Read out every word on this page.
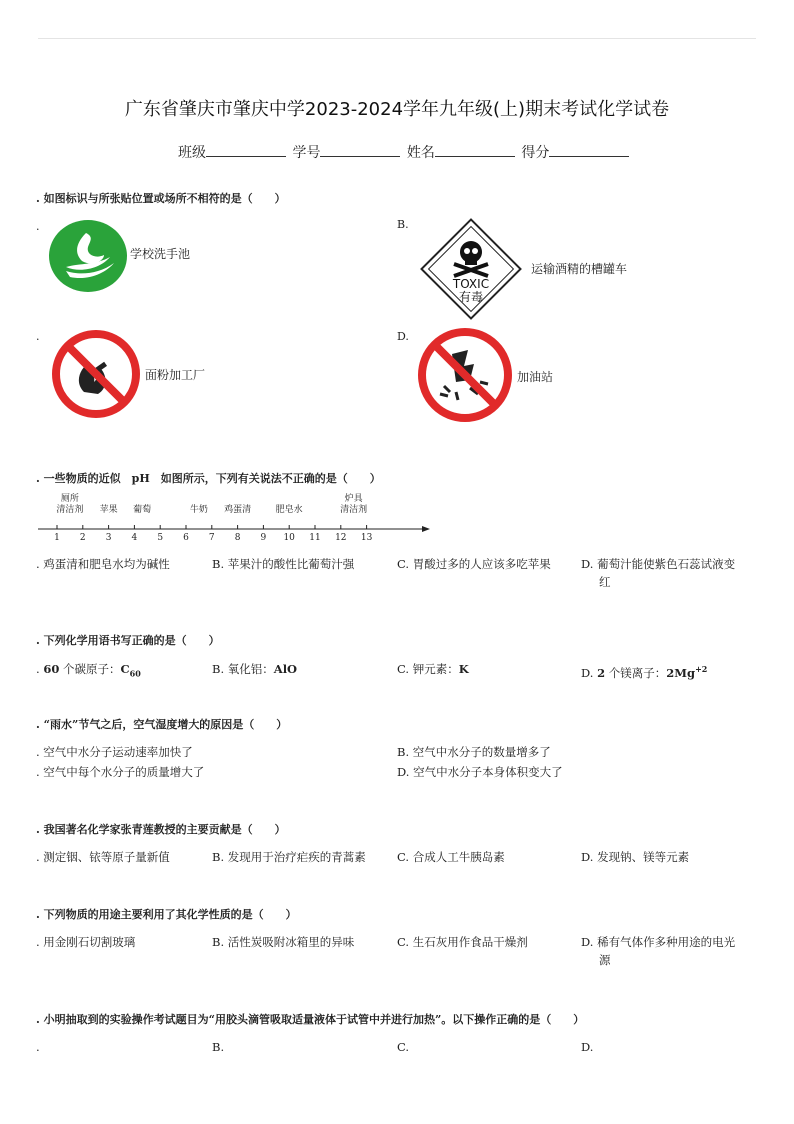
广东省肇庆市肇庆中学2023-2024学年九年级(上)期末考试化学试卷
班级	学号	姓名	得分
. 如图标识与所张贴位置或场所不相符的是（　　）
.
学校洗手池
B.
TOXIC
有毒
运输酒精的槽罐车
.
面粉加工厂
D.
加油站
. 一些物质的近似　pH　如图所示，下列有关说法不正确的是（　　）
1 2 3 4 5 6 7 8 9 10 11 12 13
厕所
清洁剂 苹果 葡萄	牛奶 鸡蛋清	肥皂水
炉具
清洁剂
. 鸡蛋清和肥皂水均为碱性	B. 苹果汁的酸性比葡萄汁强	C. 胃酸过多的人应该多吃苹果	D. 葡萄汁能使紫色石蕊试液变
红
. 下列化学用语书写正确的是（　　）
. 60 个碳原子：$C_{60}$	B. 氧化铝：AlO	C. 钾元素：K	D. 2 个镁离子：$2Mg^{+2}$
. “雨水”节气之后，空气湿度增大的原因是（　　）
. 空气中水分子运动速率加快了	B. 空气中水分子的数量增多了
. 空气中每个水分子的质量增大了	D. 空气中水分子本身体积变大了
. 我国著名化学家张青莲教授的主要贡献是（　　）
. 测定铟、铱等原子量新值	B. 发现用于治疗疟疾的青蒿素	C. 合成人工牛胰岛素	D. 发现钠、镁等元素
. 下列物质的用途主要利用了其化学性质的是（　　）
. 用金刚石切割玻璃	B. 活性炭吸附冰箱里的异味	C. 生石灰用作食品干燥剂	D. 稀有气体作多种用途的电光
源
. 小明抽取到的实验操作考试题目为“用胶头滴管吸取适量液体于试管中并进行加热”。以下操作正确的是（　　）
.	B.	C.	D.
